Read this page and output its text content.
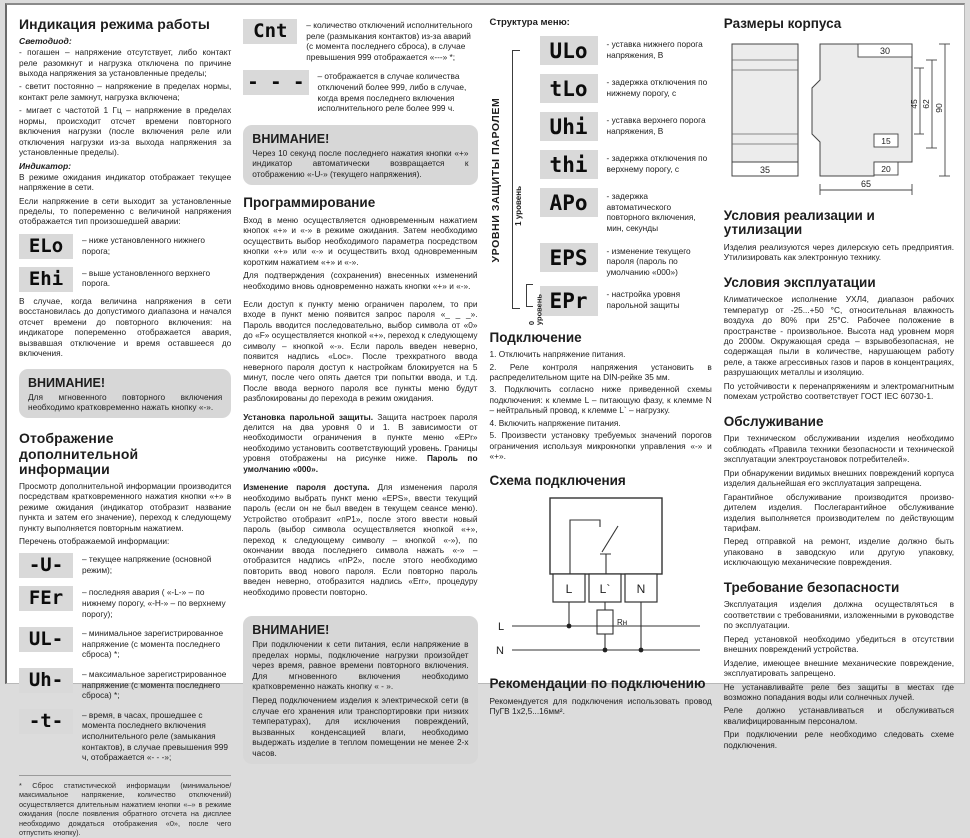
Индикация режима работы
Светодиод:

- погашен – напряжение отсутствует, либо контакт реле разомкнут и нагрузка отключена по причине выхода напряжения за установленные пределы;

- светит постоянно – напряжение в пределах нормы, контакт реле замкнут, нагрузка включена;

- мигает с частотой 1 Гц – напряжение в пределах нормы, происходит отсчет времени повторного включения нагрузки (после включения реле или отключения нагрузки из-за выхода напряжения за установленные пределы).

Индикатор:

В режиме ожидания индикатор отображает текущее напряжение в сети.

Если напряжение в сети выходит за установленные пределы, то попеременно с величиной напряжения отображается тип произошедшей аварии:

ELo	– ниже установленного нижнего порога;
Ehi	– выше установленного верхнего порога.

В случае, когда величина напряжения в сети восстановилась до допустимого диапазона и начался отсчет времени до повторного включения: на индикаторе попеременно отображается авария, вызвавшая отключение и время оставшееся до включения.

ВНИМАНИЕ!

Для мгновенного повторного включения необходимо кратковременно нажать кнопку «-».

Отображение дополнительной информации

Просмотр дополнительной информации производится посредствам кратковременного нажатия кнопки «+» в режиме ожидания (индикатор отобразит название пункта и затем его значение), переход к следующему пункту выполняется повторным нажатием.

Перечень отображаемой информации:

-U-	– текущее напряжение (основной режим);
FEr	– последняя авария ( «-L-» – по нижнему порогу, «-H-» – по верхнему порогу);
UL-	– минимальное зарегистрированное напряжение (с момента последнего сброса) *;
Uh-	– максимальное зарегистрированное напряжение (с момента последнего сброса) *;
-t-	– время, в часах, прошедшее с момента последнего включения исполнительного реле (замыкания контактов), в случае превышения 999 ч, отображается «- - -»;
* Сброс статистической информации (минимальное/ максимальное напряжение, количество отключений) осуществляется длительным нажатием кнопки «–» в режиме ожидания (после появления обратного отсчета на дисплее необходимо дождаться отображения «0», после чего отпустить кнопку).
Cnt	– количество отключений исполнительного реле (размыкания контактов) из-за аварий (с момента последнего сброса), в случае превышения 999 отображается «---» *;
- - -	– отображается в случае количества отключений более 999, либо в случае, когда время последнего включения исполнительного реле более 999 ч.
ВНИМАНИЕ!

Через 10 секунд после последнего нажатия кнопки «+» индикатор автоматически возвращается к отображению «-U-» (текущего напряжения).

Программирование

Вход в меню осуществляется одновременным нажатием кнопок «+» и «-» в режиме ожидания. Затем необходимо осуществить выбор необходимого параметра посредством кнопки «+» или «-» и осуществить вход одновременным коротким нажатием «+» и «-».

Для подтверждения (сохранения) внесенных изменений необходимо вновь одновременно нажать кнопки «+» и «-».

Если доступ к пункту меню ограничен паролем, то при входе в пункт меню появится запрос пароля «_ _ _». Пароль вводится последовательно, выбор символа от «0» до «F» осуществляется кнопкой «+», переход к следующему символу – кнопкой «-». Если пароль введен неверно, появится надпись «Loc». После трехкратного ввода неверного пароля доступ к настройкам блокируется на 5 минут, после чего опять дается три попытки ввода, и т.д. После ввода верного пароля все пункты меню будут разблокированы до перехода в режим ожидания.

Установка парольной защиты. Защита настроек пароля делится на два уровня 0 и 1. В зависимости от необходимости ограничения в пункте меню «EPr» необходимо установить соответствующий уровень. Границы уровня отображены на рисунке ниже. Пароль по умолчанию «000».

Изменение пароля доступа. Для изменения пароля необходимо выбрать пункт меню «EPS», ввести текущий пароль (если он не был введен в текущем сеансе меню). Устройство отобразит «пР1», после этого ввести новый пароль (выбор символа осуществляется кнопкой «+», переход к следующему символу – кнопкой «-»), по окончании ввода последнего символа нажать «-» – отобразится надпись «пР2», после этого необходимо повторить ввод нового пароля. Если повторно пароль введен неверно, отобразится надпись «Err», процедуру необходимо провести повторно.

ВНИМАНИЕ!

При подключении к сети питания, если напряжение в пределах нормы, подключение нагрузки произойдет через время, равное времени повторного включения. Для мгновенного включения необходимо кратковременно нажать кнопку « - ».

Перед подключением изделия к электрической сети (в случае его хранения или транспортировки при низких температурах), для исключения повреждений, вызванных конденсацией влаги, необходимо выдержать изделие в теплом помещении не менее 2-х часов.

Структура меню:
УРОВНИ ЗАЩИТЫ ПАРОЛЕМ	1 уровень
0 уровень
ULo	- уставка нижнего порога напряжения, В
tLo	- задержка отключения по нижнему порогу, с
Uhi	- уставка верхнего порога напряжения, В
thi	- задержка отключения по верхнему порогу, с
APo	- задержка автоматического повторного включения, мин, секунды
EPS	- изменение текущего пароля (пароль по умолчанию «000»)
EPr	- настройка уровня парольной защиты
Подключение
1. Отключить напряжение питания.
2. Реле контроля напряжения установить в распределительном щите на DIN-рейке 35 мм.
3. Подключить согласно ниже приведенной схемы подключения: к клемме L – питающую фазу, к клемме N – нейтральный провод, к клемме L` – нагрузку.
4. Включить напряжение питания.
5. Произвести установку требуемых значений порогов ограничения используя микрокнопки управления «-» и «+».
Схема подключения
L L` N
Rн
L
N
Рекомендации по подключению

Рекомендуется для подключения использовать провод ПуГВ 1х2,5...16мм².

Размеры корпуса
35
30
45 62 90
15
20
65
Условия реализации и утилизации

Изделия реализуются через дилерскую сеть предприятия. Утилизировать как электронную технику.

Условия эксплуатации

Климатическое исполнение УХЛ4, диапазон рабочих температур от -25...+50 °С, относительная влажность воздуха до 80% при 25°С. Рабочее положение в пространстве - произвольное. Высота над уровнем моря до 2000м. Окружающая среда – взрывобезопасная, не содержащая пыли в количестве, нарушающем работу реле, а также агрессивных газов и паров в концентрациях, разрушающих металлы и изоляцию.

По устойчивости к перенапряжениям и электромагнитным помехам устройство соответствует ГОСТ IEC 60730-1.

Обслуживание

При техническом обслуживании изделия необходимо соблюдать «Правила техники безопасности и технической эксплуатации электроустановок потребителей».

При обнаружении видимых внешних повреждений корпуса изделия дальнейшая его эксплуатация запрещена.

Гарантийное обслуживание производится произво- дителем изделия. Послегарантийное обслуживание изделия выполняется производителем по действующим тарифам.

Перед отправкой на ремонт, изделие должно быть упаковано в заводскую или другую упаковку, исключающую механические повреждения.

Требование безопасности

Эксплуатация изделия должна осуществляться в соответствии с требованиями, изложенными в руководстве по эксплуатации.

Перед установкой необходимо убедиться в отсутствии внешних повреждений устройства.

Изделие, имеющее внешние механические повреждение, эксплуатировать запрещено.

Не устанавливайте реле без защиты в местах где возможно попадания воды или солнечных лучей.

Реле должно устанавливаться и обслуживаться квалифицированным персоналом.

При подключении реле необходимо следовать схеме подключения.
